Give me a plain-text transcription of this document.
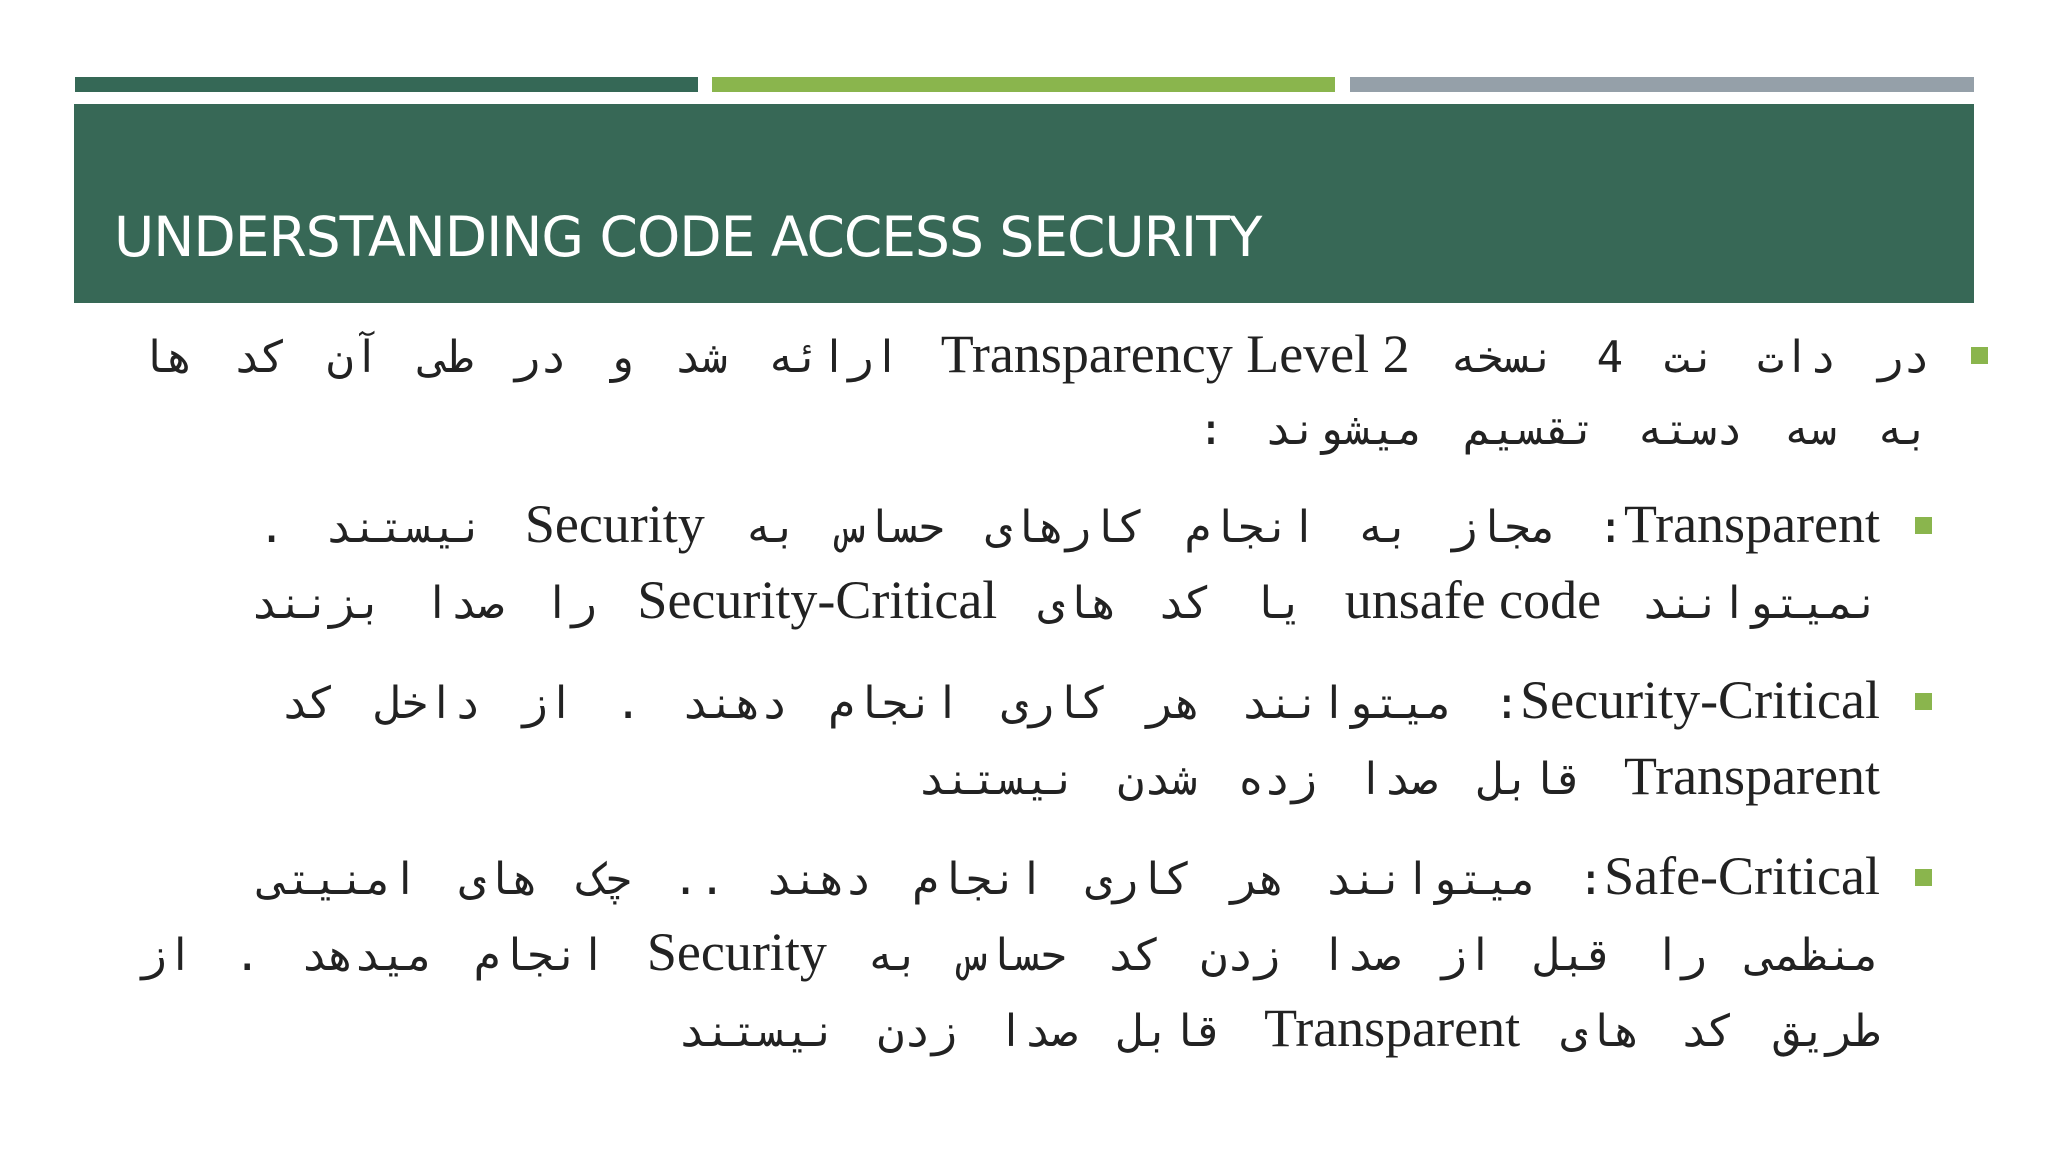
UNDERSTANDING CODE ACCESS SECURITY
در دات نت 4 نسخه Transparency Level 2 ارائه شد و در طی آن کد ها به سه دسته تقسیم میشوند :
Transparent: مجاز به انجام کارهای حساس به Security نیستند . نمیتوانند unsafe code یا کد های Security-Critical را صدا بزنند
Security-Critical: میتوانند هر کاری انجام دهند . از داخل کد Transparent قابل صدا زده شدن نیستند
Safe-Critical: میتوانند هر کاری انجام دهند .. چک های امنیتی منظمی را قبل از صدا زدن کد حساس به Security انجام میدهد . از طریق کد های Transparent قابل صدا زدن نیستند
